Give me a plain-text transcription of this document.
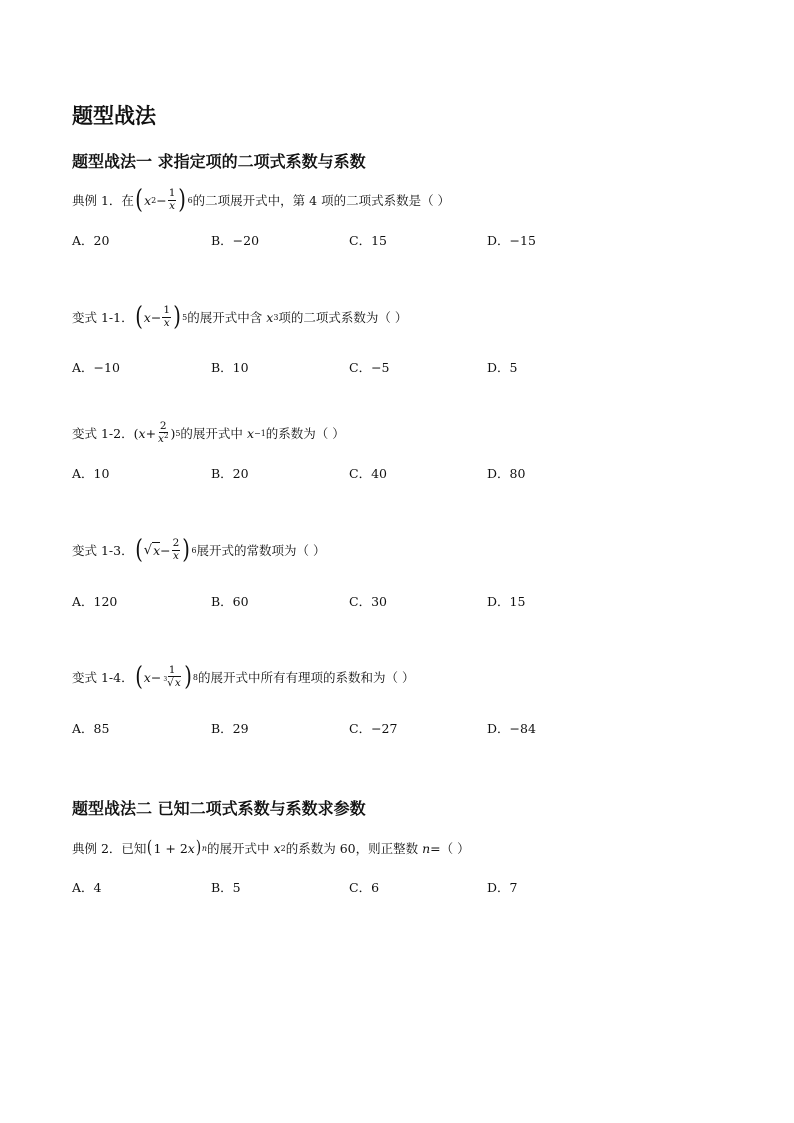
题型战法
题型战法一 求指定项的二项式系数与系数
典例 1．在 ( x $2 - \frac{1}{x}$ ) 6 的二项展开式中，第 4 项的二项式系数是（ ）
A．20	B．−20	C．15	D．−15
变式 1-1． ( $x - \frac{1}{x}$ ) 5 的展开式中含 x 3 项的二项式系数为（ ）
A．−10	B．10	C．−5	D．5
变式 1-2． ( $x + \frac{2}{x^2}$ ) 5 的展开式中 x −1 的系数为（ ）
A．10	B．20	C．40	D．80
变式 1-3． ( √ $x - \frac{2}{x}$ ) 6 展开式的常数项为（ ）
A．120	B．60	C．30	D．15
变式 1-4． ( $x - \frac{1}{^3√x}$ ) 8 的展开式中所有有理项的系数和为（ ）
A．85	B．29	C．−27	D．−84
题型战法二 已知二项式系数与系数求参数
典例 2．已知 ( 1 + 2 x ) n 的展开式中 x 2 的系数为 60，则正整数 n =（ ）
A．4	B．5	C．6	D．7
